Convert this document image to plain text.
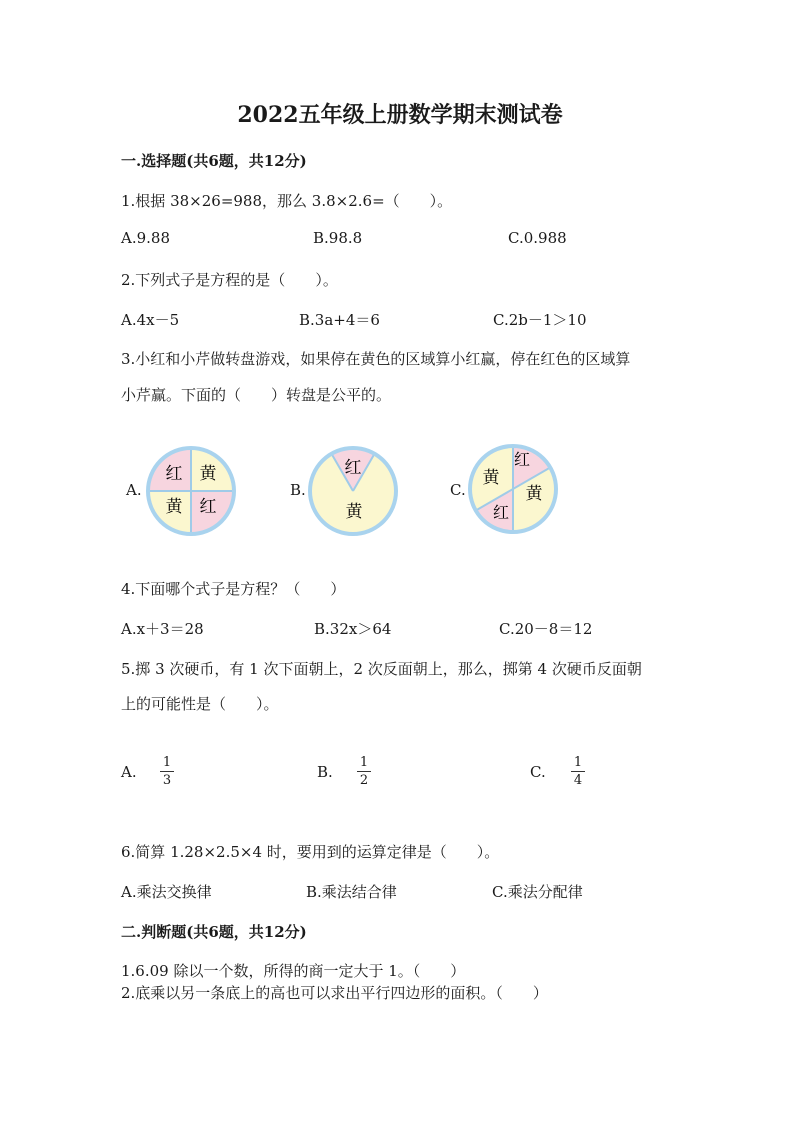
2022五年级上册数学期末测试卷
一.选择题(共6题，共12分)
1.根据 38×26=988，那么 3.8×2.6=（　　）。
A.9.88	B.98.8	C.0.988
2.下列式子是方程的是（　　）。
A.4x－5	B.3a+4＝6	C.2b－1＞10
3.小红和小芹做转盘游戏，如果停在黄色的区域算小红赢，停在红色的区域算
小芹赢。下面的（　　）转盘是公平的。
A.
红 黄
黄 红
B.
红
黄
C.
红
黄
黄
红
4.下面哪个式子是方程？（　　）
A.x＋3＝28	B.32x＞64	C.20－8＝12
5.掷 3 次硬币，有 1 次下面朝上，2 次反面朝上，那么，掷第 4 次硬币反面朝
上的可能性是（　　）。
A.
1
3	B.
1
2	C.
1
4
6.简算 1.28×2.5×4 时，要用到的运算定律是（　　）。
A.乘法交换律	B.乘法结合律	C.乘法分配律
二.判断题(共6题，共12分)
1.6.09 除以一个数，所得的商一定大于 1。（　　）
2.底乘以另一条底上的高也可以求出平行四边形的面积。（　　）
